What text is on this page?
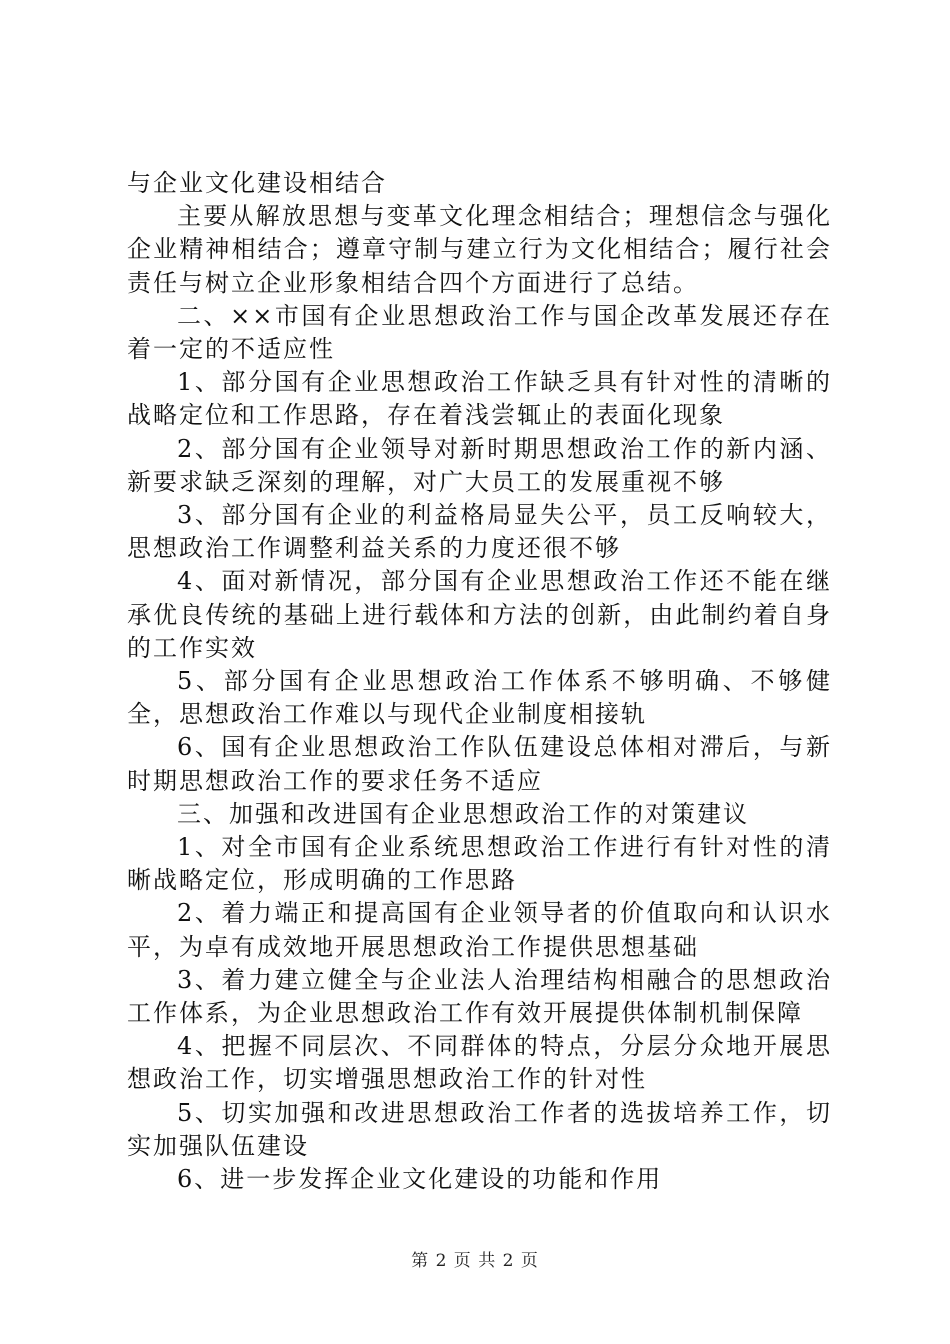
与企业文化建设相结合

主要从解放思想与变革文化理念相结合；理想信念与强化企业精神相结合；遵章守制与建立行为文化相结合；履行社会责任与树立企业形象相结合四个方面进行了总结。

二、××市国有企业思想政治工作与国企改革发展还存在着一定的不适应性

1、部分国有企业思想政治工作缺乏具有针对性的清晰的战略定位和工作思路，存在着浅尝辄止的表面化现象

2、部分国有企业领导对新时期思想政治工作的新内涵、新要求缺乏深刻的理解，对广大员工的发展重视不够

3、部分国有企业的利益格局显失公平，员工反响较大，思想政治工作调整利益关系的力度还很不够

4、面对新情况，部分国有企业思想政治工作还不能在继承优良传统的基础上进行载体和方法的创新，由此制约着自身的工作实效

5、部分国有企业思想政治工作体系不够明确、不够健全，思想政治工作难以与现代企业制度相接轨

6、国有企业思想政治工作队伍建设总体相对滞后，与新时期思想政治工作的要求任务不适应

三、加强和改进国有企业思想政治工作的对策建议

1、对全市国有企业系统思想政治工作进行有针对性的清晰战略定位，形成明确的工作思路

2、着力端正和提高国有企业领导者的价值取向和认识水平，为卓有成效地开展思想政治工作提供思想基础

3、着力建立健全与企业法人治理结构相融合的思想政治工作体系，为企业思想政治工作有效开展提供体制机制保障

4、把握不同层次、不同群体的特点，分层分众地开展思想政治工作，切实增强思想政治工作的针对性

5、切实加强和改进思想政治工作者的选拔培养工作，切实加强队伍建设

6、进一步发挥企业文化建设的功能和作用

第 2 页 共 2 页
